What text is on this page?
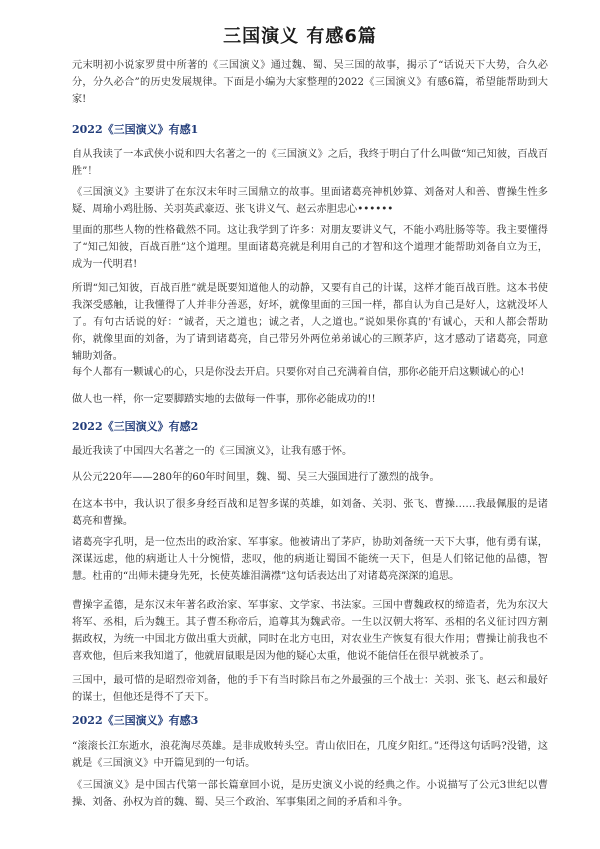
三国演义 有感6篇
元末明初小说家罗贯中所著的《三国演义》通过魏、蜀、吴三国的故事，揭示了“话说天下大势，合久必分，分久必合”的历史发展规律。下面是小编为大家整理的2022《三国演义》有感6篇，希望能帮助到大家!
2022《三国演义》有感1
自从我读了一本武侠小说和四大名著之一的《三国演义》之后，我终于明白了什么叫做“知己知彼，百战百胜”！
《三国演义》主要讲了在东汉末年时三国鼎立的故事。里面诸葛亮神机妙算、刘备对人和善、曹操生性多疑、周瑜小鸡肚肠、关羽英武豪迈、张飞讲义气、赵云赤胆忠心••••••
里面的那些人物的性格截然不同。这让我学到了许多：对朋友要讲义气，不能小鸡肚肠等等。我主要懂得了“知己知彼，百战百胜”这个道理。里面诸葛亮就是利用自己的才智和这个道理才能帮助刘备自立为王，成为一代明君!
所谓“知己知彼，百战百胜”就是既要知道他人的动静，又要有自己的计谋，这样才能百战百胜。这本书使我深受感触，让我懂得了人并非分善恶，好坏，就像里面的三国一样，都自认为自己是好人，这就没坏人了。有句古话说的好：“诚者，天之道也；诚之者，人之道也。”说如果你真的'有诚心，天和人都会帮助你，就像里面的刘备，为了请到诸葛亮，自己带另外两位弟弟诚心的三顾茅庐，这才感动了诸葛亮，同意辅助刘备。
每个人都有一颗诚心的心，只是你没去开启。只要你对自己充满着自信，那你必能开启这颗诚心的心!
做人也一样，你一定要脚踏实地的去做每一件事，那你必能成功的!!
2022《三国演义》有感2
最近我读了中国四大名著之一的《三国演义》，让我有感于怀。
从公元220年——280年的60年时间里，魏、蜀、吴三大强国进行了激烈的战争。
在这本书中，我认识了很多身经百战和足智多谋的英雄，如刘备、关羽、张飞、曹操……我最佩服的是诸葛亮和曹操。
诸葛亮字孔明，是一位杰出的政治家、军事家。他被请出了茅庐，协助刘备统一天下大事，他有勇有谋，深谋远虑，他的病逝让人十分惋惜，悲叹，他的病逝让蜀国不能统一天下，但是人们铭记他的品德，智慧。杜甫的“出师未捷身先死，长使英雄泪满襟”这句话表达出了对诸葛亮深深的追思。
曹操字孟德，是东汉末年著名政治家、军事家、文学家、书法家。三国中曹魏政权的缔造者，先为东汉大将军、丞相，后为魏王。其子曹丕称帝后，追尊其为魏武帝。一生以汉朝大将军、丞相的名义征讨四方割据政权，为统一中国北方做出重大贡献，同时在北方屯田，对农业生产恢复有很大作用；曹操让前我也不喜欢他，但后来我知道了，他就眉鼠眼是因为他的疑心太重，他说不能信任在很早就被杀了。
三国中，最可惜的是昭烈帝刘备，他的手下有当时除吕布之外最强的三个战士：关羽、张飞、赵云和最好的谋士，但他还是得不了天下。
2022《三国演义》有感3
“滚滚长江东逝水，浪花淘尽英雄。是非成败转头空。青山依旧在，几度夕阳红。”还得这句话吗?没错，这就是《三国演义》中开篇见到的一句话。
《三国演义》是中国古代第一部长篇章回小说，是历史演义小说的经典之作。小说描写了公元3世纪以曹操、刘备、孙权为首的魏、蜀、吴三个政治、军事集团之间的矛盾和斗争。
